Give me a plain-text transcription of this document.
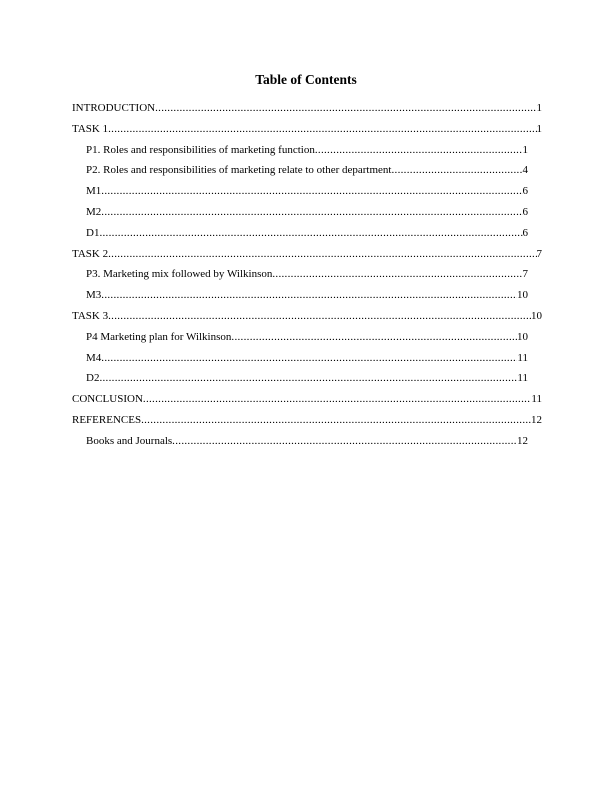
Table of Contents
INTRODUCTION .....	1
TASK 1 .....	1
P1. Roles and responsibilities of marketing function .....	1
P2. Roles and responsibilities of marketing relate to other department .....	4
M1 .....	6
M2 .....	6
D1 .....	6
TASK 2 .....	7
P3. Marketing mix followed by Wilkinson .....	7
M3 .....	10
TASK 3 .....	10
P4 Marketing plan for Wilkinson .....	10
M4 .....	11
D2 .....	11
CONCLUSION .....	11
REFERENCES .....	12
Books and Journals .....	12
